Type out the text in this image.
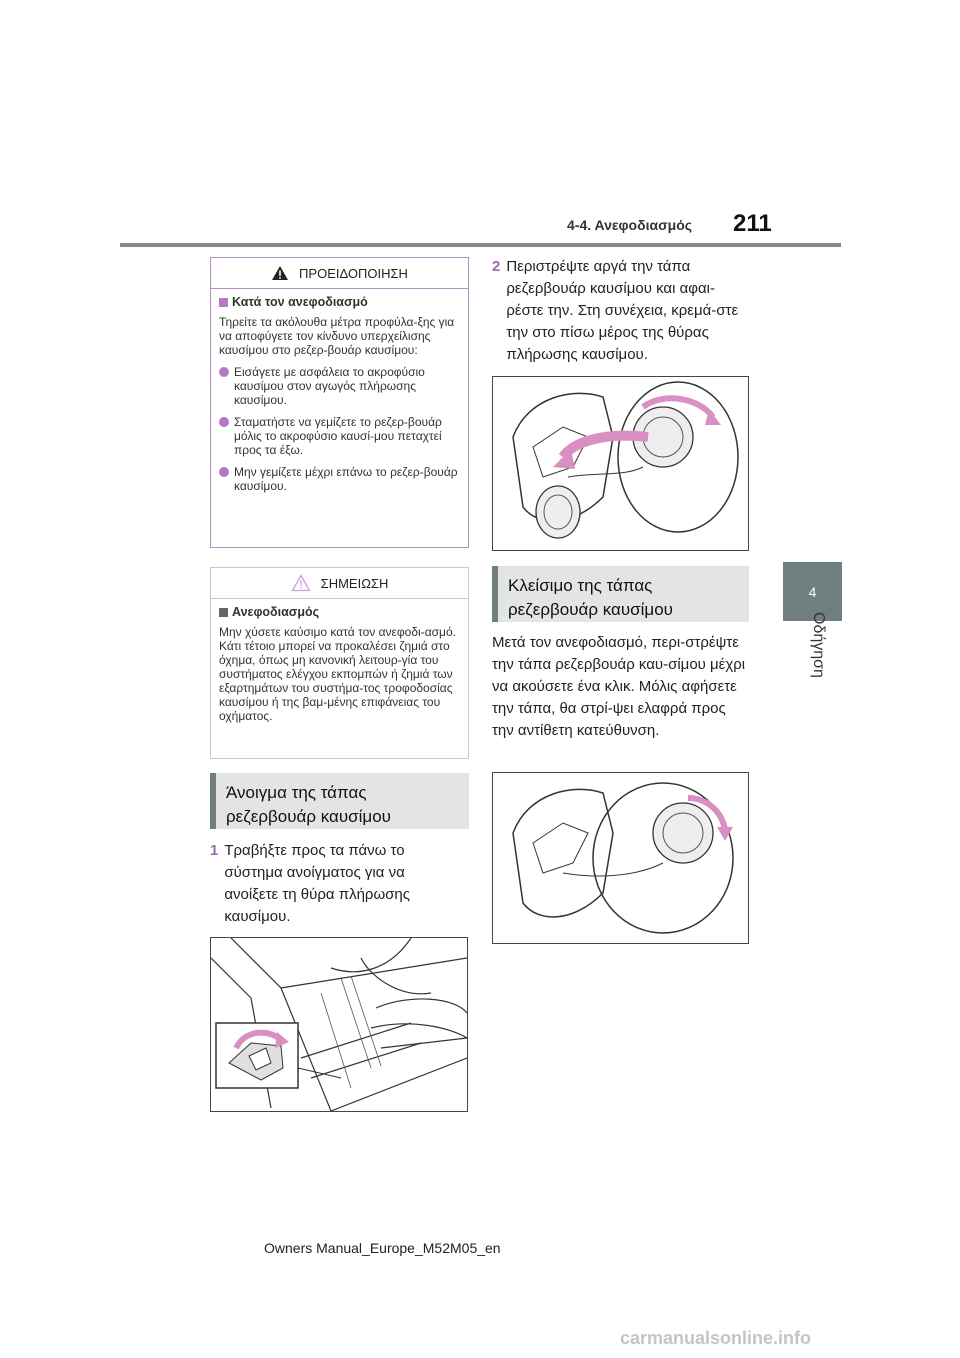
4-4. Ανεφοδιασμός 211
4
Οδήγηση
ΠΡΟΕΙΔΟΠΟΙΗΣΗ
Κατά τον ανεφοδιασμό

Τηρείτε τα ακόλουθα μέτρα προφύλα-ξης για να αποφύγετε τον κίνδυνο υπερχείλισης καυσίμου στο ρεζερ-βουάρ καυσίμου:

Εισάγετε με ασφάλεια το ακροφύσιο καυσίμου στον αγωγός πλήρωσης καυσίμου.
Σταματήστε να γεμίζετε το ρεζερ-βουάρ μόλις το ακροφύσιο καυσί-μου πεταχτεί προς τα έξω.
Μην γεμίζετε μέχρι επάνω το ρεζερ-βουάρ καυσίμου.
ΣΗΜΕΙΩΣΗ
Ανεφοδιασμός
Μην χύσετε καύσιμο κατά τον ανεφοδι-ασμό.
Κάτι τέτοιο μπορεί να προκαλέσει ζημιά στο όχημα, όπως μη κανονική λειτουρ-γία του συστήματος ελέγχου εκπομπών ή ζημιά των εξαρτημάτων του συστήμα-τος τροφοδοσίας καυσίμου ή της βαμ-μένης επιφάνειας του οχήματος.
Άνοιγμα της τάπας ρεζερβουάρ καυσίμου
1 Τραβήξτε προς τα πάνω το σύστημα ανοίγματος για να ανοίξετε τη θύρα πλήρωσης καυσίμου.
2 Περιστρέψτε αργά την τάπα ρεζερβουάρ καυσίμου και αφαι-ρέστε την. Στη συνέχεια, κρεμά-στε την στο πίσω μέρος της θύρας πλήρωσης καυσίμου.
Κλείσιμο της τάπας ρεζερβουάρ καυσίμου
Μετά τον ανεφοδιασμό, περι-στρέψτε την τάπα ρεζερβουάρ καυ-σίμου μέχρι να ακούσετε ένα κλικ. Μόλις αφήσετε την τάπα, θα στρί-ψει ελαφρά προς την αντίθετη κατεύθυνση.
Owners Manual_Europe_M52M05_en
carmanualsonline.info
